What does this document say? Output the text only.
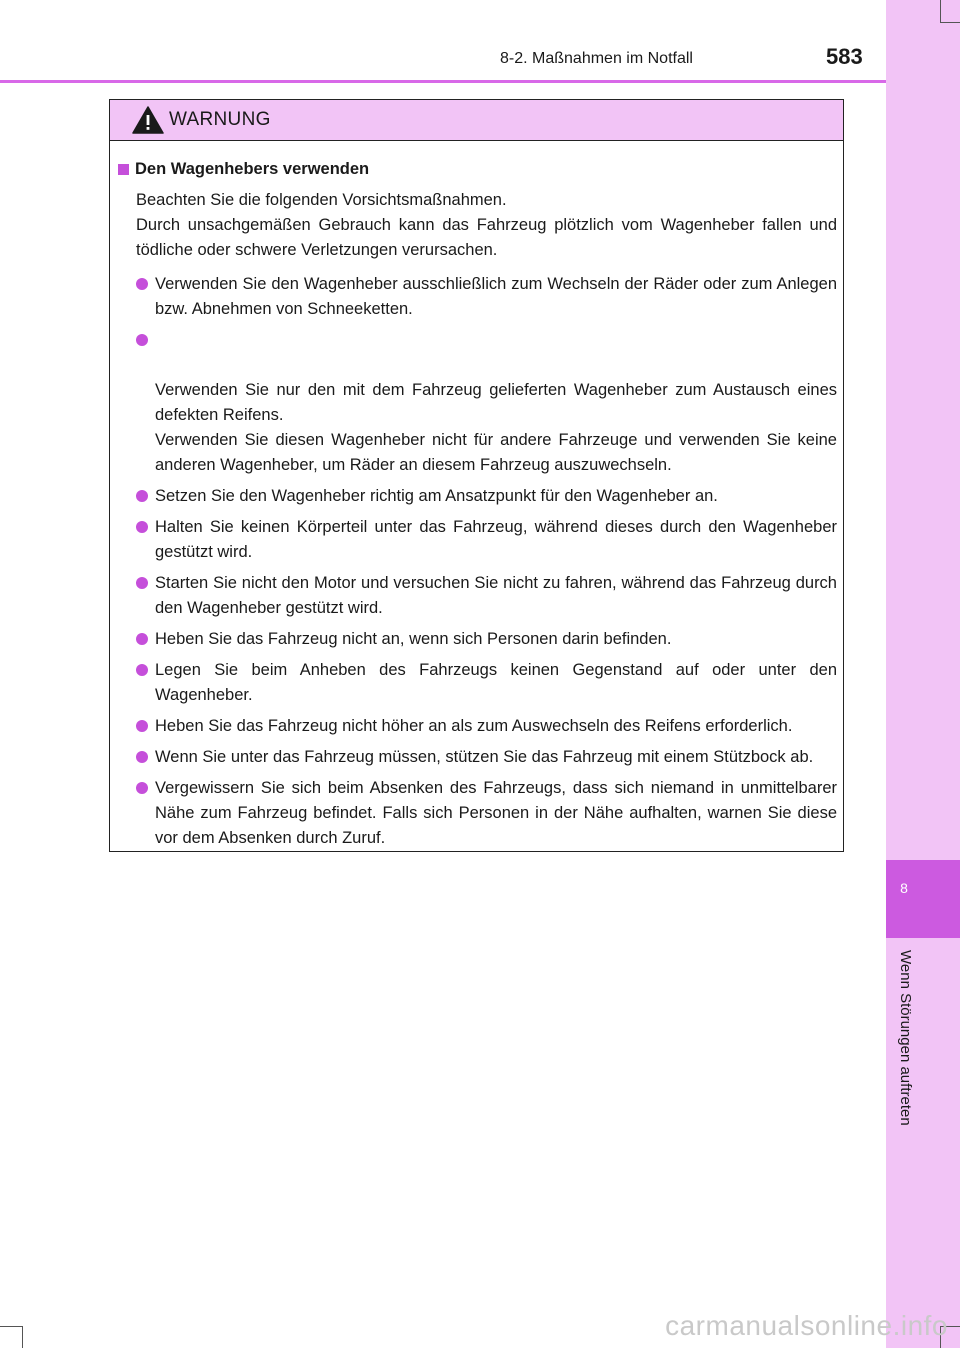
8
Wenn Störungen auftreten
8-2. Maßnahmen im Notfall	583
WARNUNG
Den Wagenhebers verwenden
Beachten Sie die folgenden Vorsichtsmaßnahmen.
Durch unsachgemäßen Gebrauch kann das Fahrzeug plötzlich vom Wagenheber fallen und tödliche oder schwere Verletzungen verursachen.
Verwenden Sie den Wagenheber ausschließlich zum Wechseln der Räder oder zum Anlegen bzw. Abnehmen von Schneeketten.

Verwenden Sie nur den mit dem Fahrzeug gelieferten Wagenheber zum Austausch eines defekten Reifens.
Verwenden Sie diesen Wagenheber nicht für andere Fahrzeuge und verwenden Sie keine anderen Wagenheber, um Räder an diesem Fahrzeug auszuwechseln.

Setzen Sie den Wagenheber richtig am Ansatzpunkt für den Wagenheber an.
Halten Sie keinen Körperteil unter das Fahrzeug, während dieses durch den Wagenheber gestützt wird.
Starten Sie nicht den Motor und versuchen Sie nicht zu fahren, während das Fahrzeug durch den Wagenheber gestützt wird.
Heben Sie das Fahrzeug nicht an, wenn sich Personen darin befinden.
Legen Sie beim Anheben des Fahrzeugs keinen Gegenstand auf oder unter den Wagenheber.
Heben Sie das Fahrzeug nicht höher an als zum Auswechseln des Reifens erforderlich.
Wenn Sie unter das Fahrzeug müssen, stützen Sie das Fahrzeug mit einem Stützbock ab.
Vergewissern Sie sich beim Absenken des Fahrzeugs, dass sich niemand in unmittelbarer Nähe zum Fahrzeug befindet. Falls sich Personen in der Nähe aufhalten, warnen Sie diese vor dem Absenken durch Zuruf.
carmanualsonline.info
